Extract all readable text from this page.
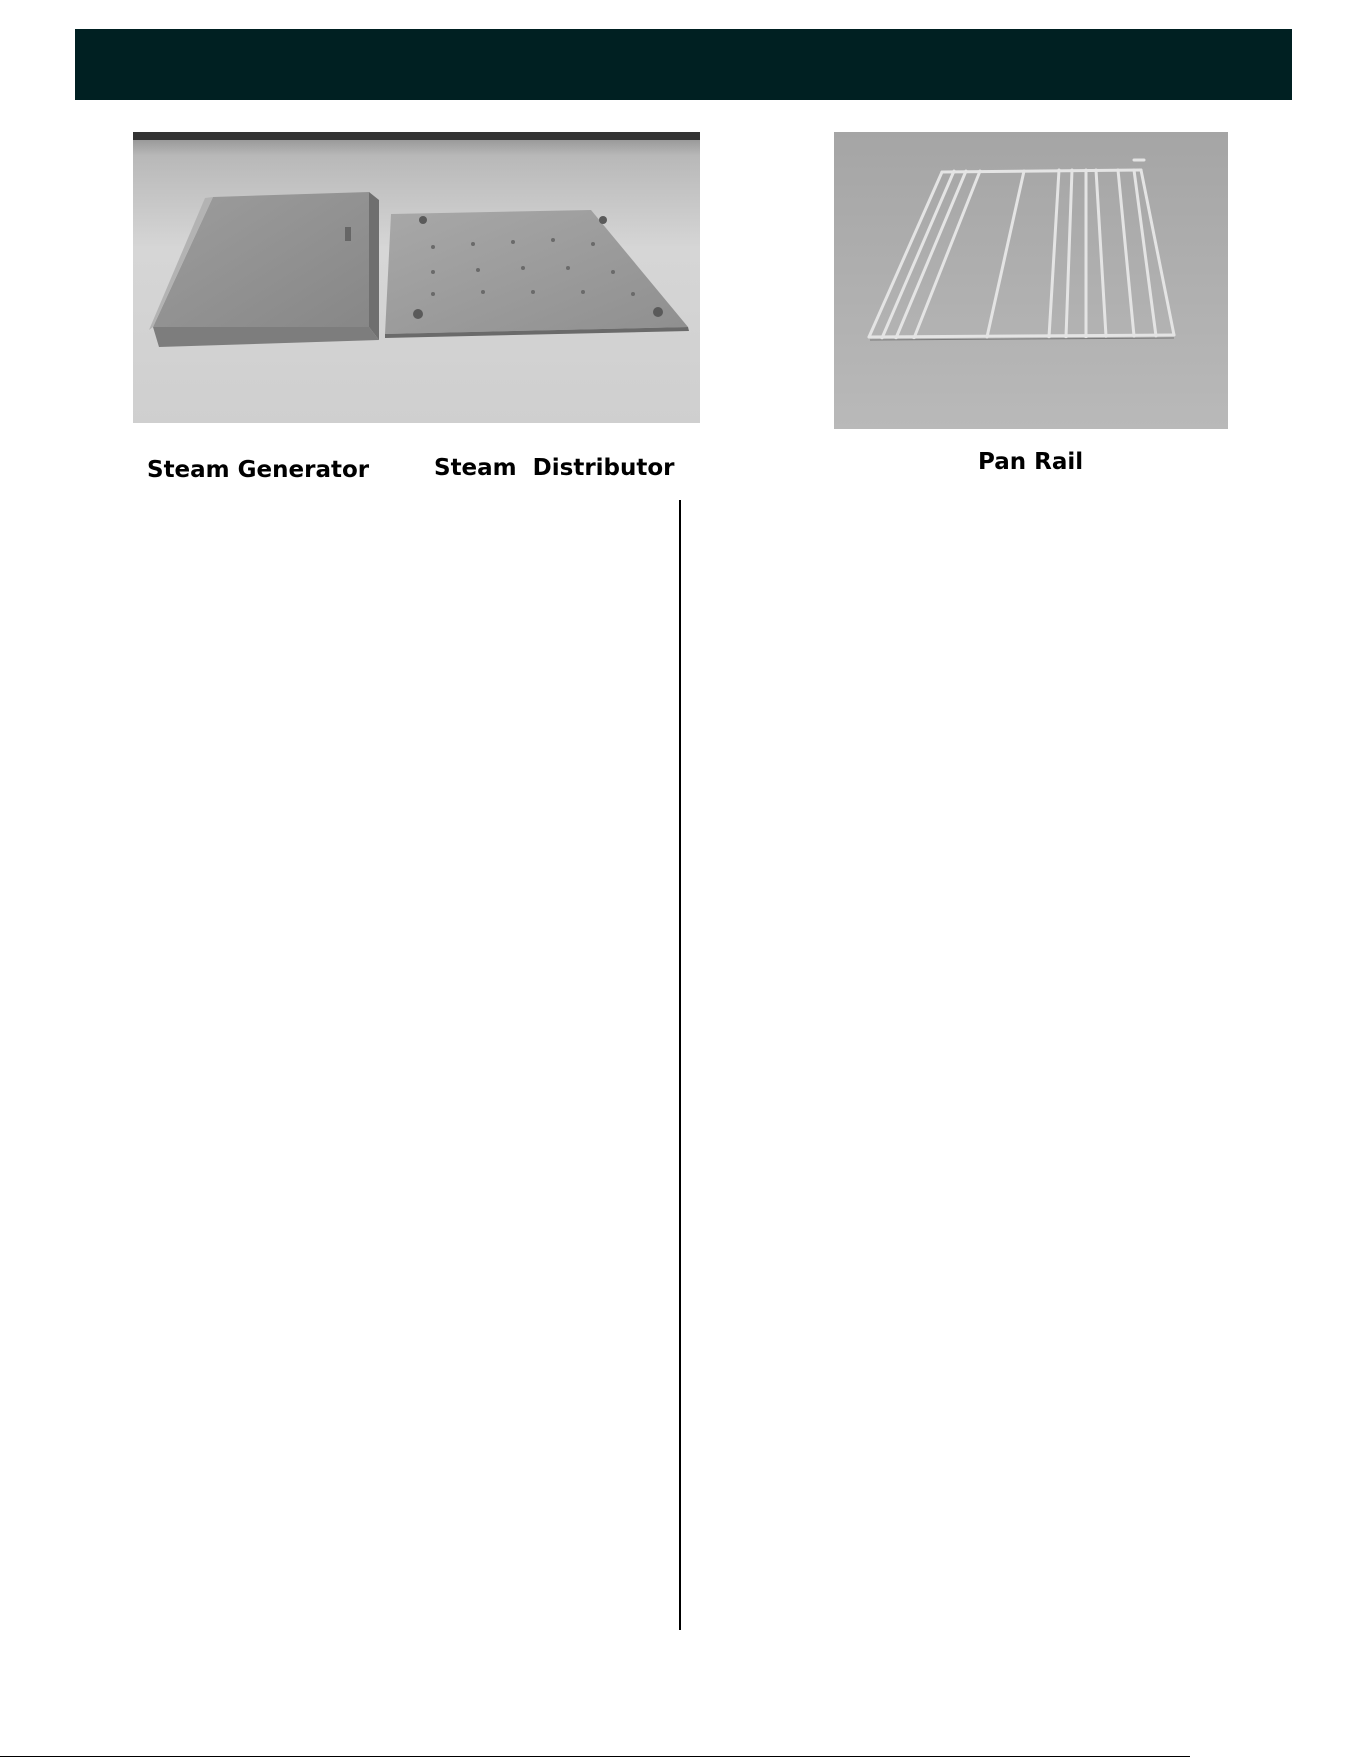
Steam Generator	Steam  Distributor	Pan Rail
